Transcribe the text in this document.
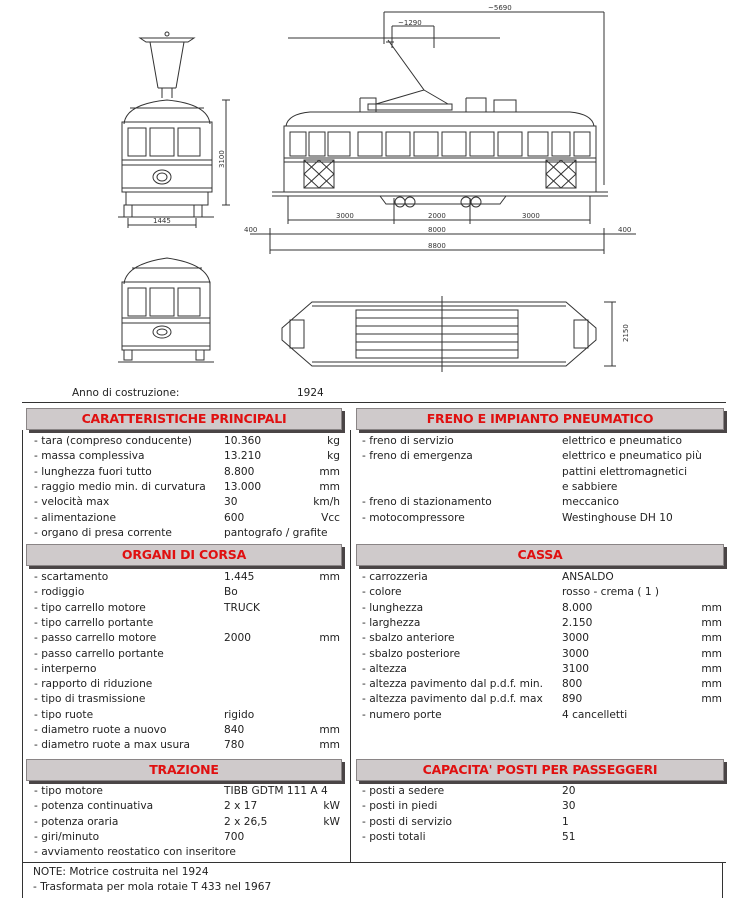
3100
1445
~5690
~1290
3000	2000	3000
8000
8800
400	400
2150
Anno di costruzione:	1924
CARATTERISTICHE PRINCIPALI
- tara (compreso conducente)	10.360	kg
- massa complessiva	13.210	kg
- lunghezza fuori tutto	8.800	mm
- raggio medio min. di curvatura 13.000	mm
- velocità max	30	km/h
- alimentazione	600	Vcc
- organo di presa corrente	pantografo / grafite
ORGANI DI CORSA
- scartamento	1.445	mm
- rodiggio	Bo
- tipo carrello motore	TRUCK
- tipo carrello portante
- passo carrello motore	2000	mm
- passo carrello portante
- interperno
- rapporto di riduzione
- tipo di trasmissione
- tipo ruote	rigido
- diametro ruote a nuovo	840	mm
- diametro ruote a max usura	780	mm
TRAZIONE
- tipo motore	TIBB GDTM 111 A 4
- potenza continuativa	2 x 17	kW
- potenza oraria	2 x 26,5	kW
- giri/minuto	700
- avviamento reostatico con inseritore
FRENO E IMPIANTO PNEUMATICO
- freno di servizio	elettrico e pneumatico
- freno di emergenza	elettrico e pneumatico più
pattini elettromagnetici
e sabbiere
- freno di stazionamento	meccanico
- motocompressore	Westinghouse DH 10
CASSA
- carrozzeria	ANSALDO
- colore	rosso - crema ( 1 )
- lunghezza	8.000	mm
- larghezza	2.150	mm
- sbalzo anteriore	3000	mm
- sbalzo posteriore	3000	mm
- altezza	3100	mm
- altezza pavimento dal p.d.f. min. 800	mm
- altezza pavimento dal p.d.f. max 890	mm
- numero porte	4 cancelletti
CAPACITA' POSTI PER PASSEGGERI
- posti a sedere	20
- posti in piedi	30
- posti di servizio	1
- posti totali	51
NOTE: Motrice costruita nel 1924
- Trasformata per mola rotaie T 433 nel 1967
